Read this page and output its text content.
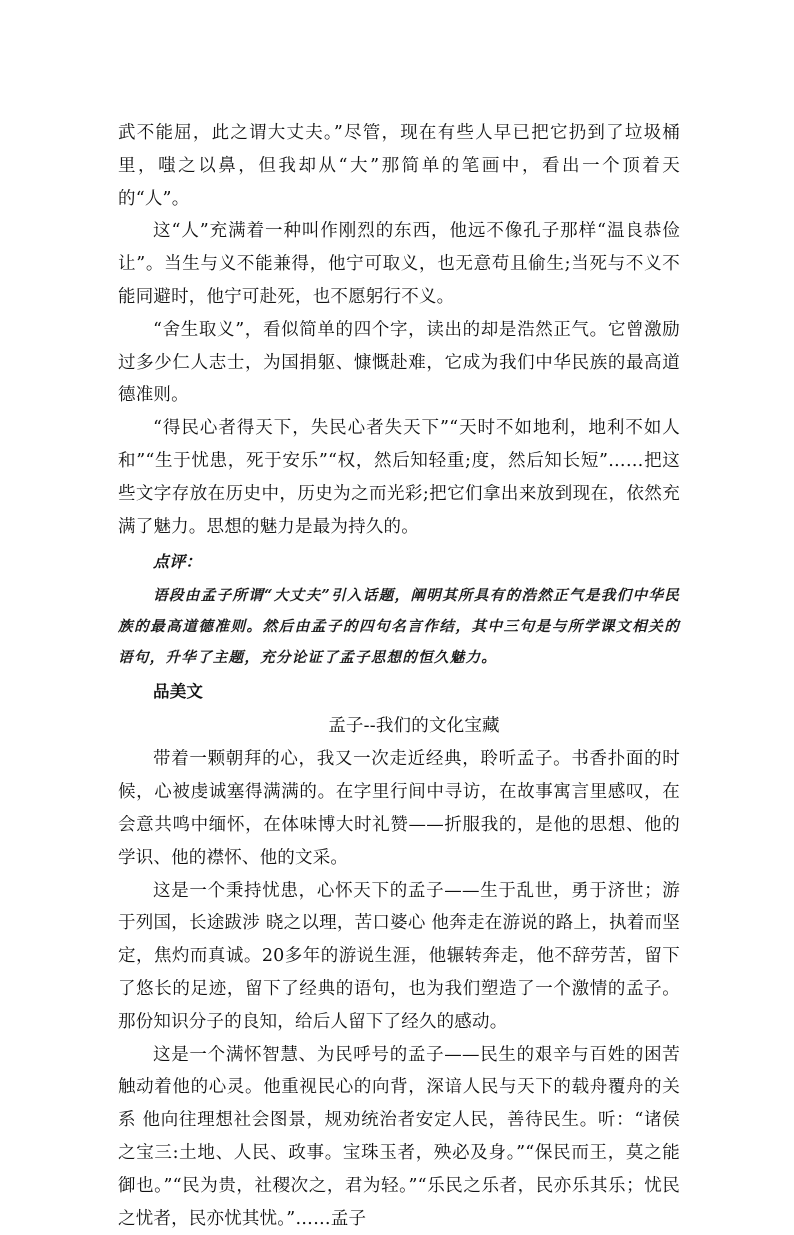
武不能屈，此之谓大丈夫。”尽管，现在有些人早已把它扔到了垃圾桶里，嗤之以鼻，但我却从“大”那简单的笔画中，看出一个顶着天的“人”。

这“人”充满着一种叫作刚烈的东西，他远不像孔子那样“温良恭俭让”。当生与义不能兼得，他宁可取义，也无意苟且偷生;当死与不义不能同避时，他宁可赴死，也不愿躬行不义。

“舍生取义”，看似简单的四个字，读出的却是浩然正气。它曾激励过多少仁人志士，为国捐躯、慷慨赴难，它成为我们中华民族的最高道德准则。

“得民心者得天下，失民心者失天下”“天时不如地利，地利不如人和”“生于忧患，死于安乐”“权，然后知轻重;度，然后知长短”……把这些文字存放在历史中，历史为之而光彩;把它们拿出来放到现在，依然充满了魅力。思想的魅力是最为持久的。

点评：

语段由孟子所谓“大丈夫”引入话题，阐明其所具有的浩然正气是我们中华民族的最高道德准则。然后由孟子的四句名言作结，其中三句是与所学课文相关的语句，升华了主题，充分论证了孟子思想的恒久魅力。

品美文

孟子--我们的文化宝藏

带着一颗朝拜的心，我又一次走近经典，聆听孟子。书香扑面的时候，心被虔诚塞得满满的。在字里行间中寻访，在故事寓言里感叹，在会意共鸣中缅怀，在体味博大时礼赞——折服我的，是他的思想、他的学识、他的襟怀、他的文采。

这是一个秉持忧患，心怀天下的孟子——生于乱世，勇于济世；游于列国，长途跋涉 晓之以理，苦口婆心 他奔走在游说的路上，执着而坚定，焦灼而真诚。20多年的游说生涯，他辗转奔走，他不辞劳苦，留下了悠长的足迹，留下了经典的语句，也为我们塑造了一个激情的孟子。那份知识分子的良知，给后人留下了经久的感动。

这是一个满怀智慧、为民呼号的孟子——民生的艰辛与百姓的困苦触动着他的心灵。他重视民心的向背，深谙人民与天下的载舟覆舟的关系 他向往理想社会图景，规劝统治者安定人民，善待民生。听：“诸侯之宝三:土地、人民、政事。宝珠玉者，殃必及身。”“保民而王，莫之能御也。”“民为贵，社稷次之，君为轻。”“乐民之乐者，民亦乐其乐；忧民之忧者，民亦忧其忧。”……孟子
